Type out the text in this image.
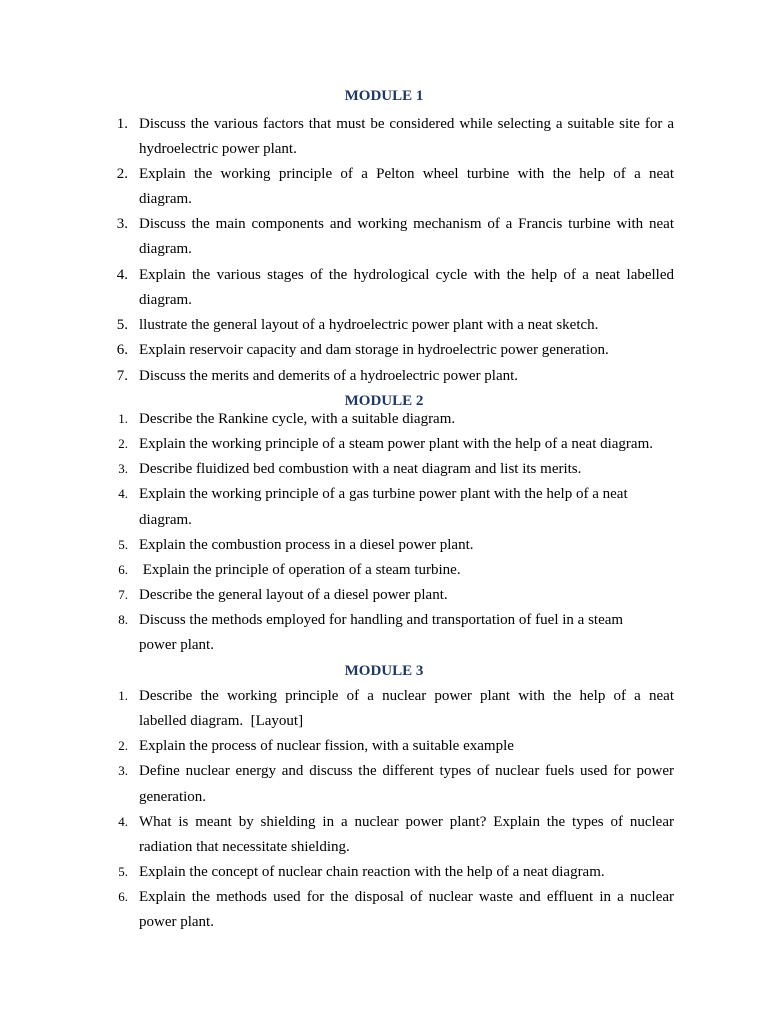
MODULE 1
1. Discuss the various factors that must be considered while selecting a suitable site for a
hydroelectric power plant.
2. Explain the working principle of a Pelton wheel turbine with the help of a neat
diagram.
3. Discuss the main components and working mechanism of a Francis turbine with neat
diagram.
4. Explain the various stages of the hydrological cycle with the help of a neat labelled
diagram.
5. llustrate the general layout of a hydroelectric power plant with a neat sketch.
6. Explain reservoir capacity and dam storage in hydroelectric power generation.
7. Discuss the merits and demerits of a hydroelectric power plant.
MODULE 2
1. Describe the Rankine cycle, with a suitable diagram.
2. Explain the working principle of a steam power plant with the help of a neat diagram.
3. Describe fluidized bed combustion with a neat diagram and list its merits.
4. Explain the working principle of a gas turbine power plant with the help of a neat
diagram.
5. Explain the combustion process in a diesel power plant.
6. Explain the principle of operation of a steam turbine.
7. Describe the general layout of a diesel power plant.
8. Discuss the methods employed for handling and transportation of fuel in a steam
power plant.
MODULE 3
1. Describe the working principle of a nuclear power plant with the help of a neat
labelled diagram.  [Layout]
2. Explain the process of nuclear fission, with a suitable example
3. Define nuclear energy and discuss the different types of nuclear fuels used for power
generation.
4. What is meant by shielding in a nuclear power plant? Explain the types of nuclear
radiation that necessitate shielding.
5. Explain the concept of nuclear chain reaction with the help of a neat diagram.
6. Explain the methods used for the disposal of nuclear waste and effluent in a nuclear
power plant.
